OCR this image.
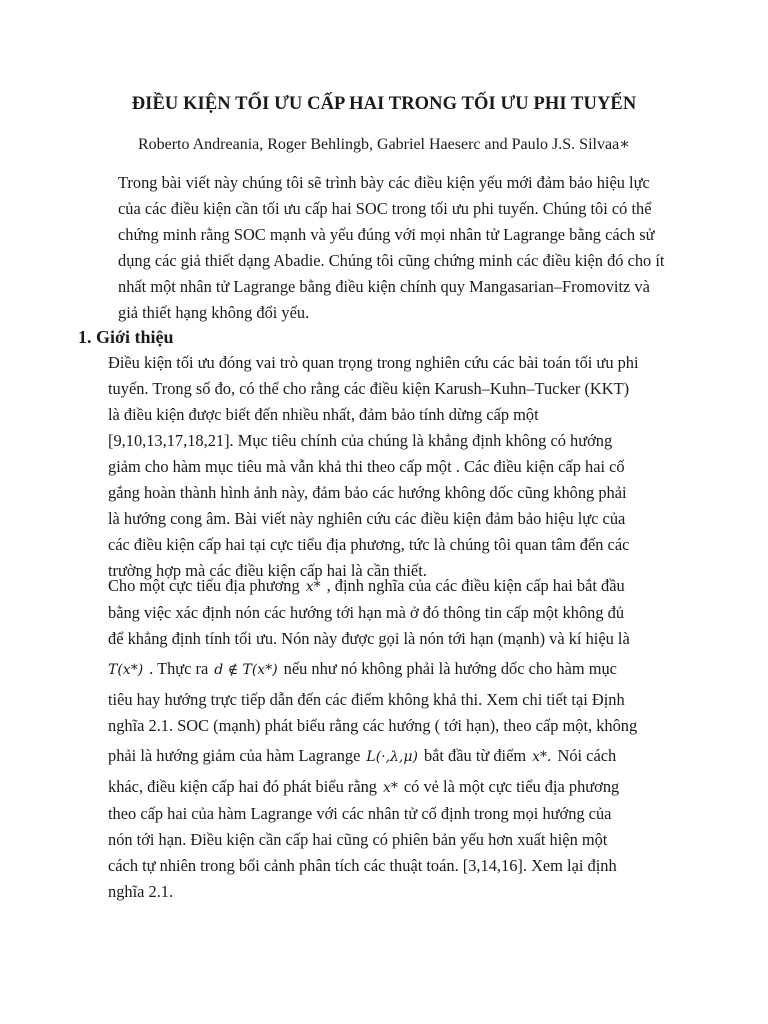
ĐIỀU KIỆN TỐI ƯU CẤP HAI TRONG TỐI ƯU PHI TUYẾN
Roberto Andreania, Roger Behlingb, Gabriel Haeserc and Paulo J.S. Silvaa∗
Trong bài viết này chúng tôi sẽ trình bày các điều kiện yếu mới đảm bảo hiệu lực
của các điều kiện cần tối ưu cấp hai SOC trong tối ưu phi tuyến. Chúng tôi có thể
chứng minh rằng SOC mạnh và yếu đúng với mọi nhân tử Lagrange bằng cách sử
dụng các giả thiết dạng Abadie. Chúng tôi cũng chứng minh các điều kiện đó cho ít
nhất một nhân tử Lagrange bằng điều kiện chính quy Mangasarian–Fromovitz và
giả thiết hạng không đổi yếu.
1. Giới thiệu
Điều kiện tối ưu đóng vai trò quan trọng trong nghiên cứu các bài toán tối ưu phi
tuyến. Trong số đo, có thể cho rằng các điều kiện Karush–Kuhn–Tucker (KKT)
là điều kiện được biết đến nhiều nhất, đảm bảo tính dừng cấp một
[9,10,13,17,18,21]. Mục tiêu chính của chúng là khẳng định không có hướng
giảm cho hàm mục tiêu mà vẫn khả thi theo cấp một . Các điều kiện cấp hai cố
gắng hoàn thành hình ảnh này, đảm bảo các hướng không dốc cũng không phải
là hướng cong âm. Bài viết này nghiên cứu các điều kiện đảm bảo hiệu lực của
các điều kiện cấp hai tại cực tiểu địa phương, tức là chúng tôi quan tâm đến các
trường hợp mà các điều kiện cấp hai là cần thiết.
Cho một cực tiểu địa phương x* , định nghĩa của các điều kiện cấp hai bắt đầu
bằng việc xác định nón các hướng tới hạn mà ở đó thông tin cấp một không đủ
để khẳng định tính tối ưu. Nón này được gọi là nón tới hạn (mạnh) và kí hiệu là
T(x*) . Thực ra d ∉ T(x*) nếu như nó không phải là hướng dốc cho hàm mục
tiêu hay hướng trực tiếp dẫn đến các điểm không khả thi. Xem chi tiết tại Định
nghĩa 2.1. SOC (mạnh) phát biểu rằng các hướng ( tới hạn), theo cấp một, không
phải là hướng giảm của hàm Lagrange L(·,λ,μ) bắt đầu từ điểm x*. Nói cách
khác, điều kiện cấp hai đó phát biểu rằng x* có vẻ là một cực tiểu địa phương
theo cấp hai của hàm Lagrange với các nhân tử cố định trong mọi hướng của
nón tới hạn. Điều kiện cần cấp hai cũng có phiên bản yếu hơn xuất hiện một
cách tự nhiên trong bối cảnh phân tích các thuật toán. [3,14,16]. Xem lại định
nghĩa 2.1.
